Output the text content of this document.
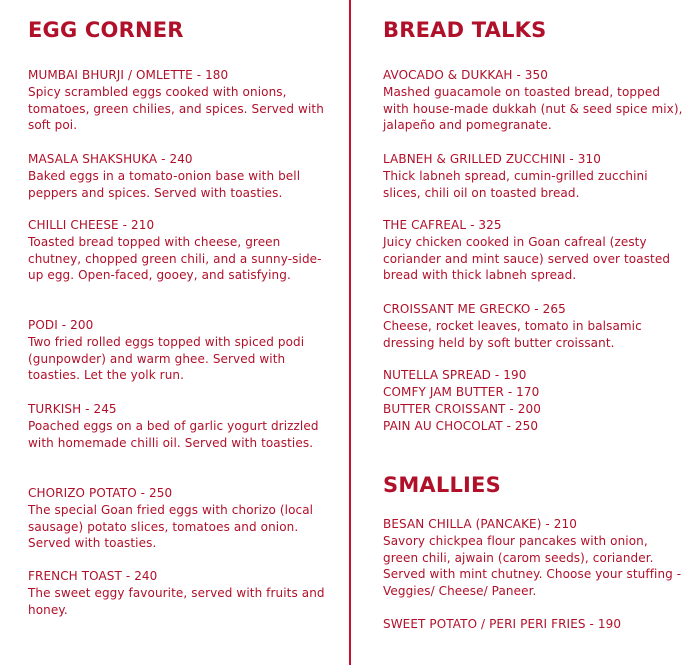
EGG CORNER
MUMBAI BHURJI / OMLETTE - 180
Spicy scrambled eggs cooked with onions, tomatoes, green chilies, and spices. Served with soft poi.
MASALA SHAKSHUKA - 240
Baked eggs in a tomato-onion base with bell peppers and spices. Served with toasties.
CHILLI CHEESE - 210
Toasted bread topped with cheese, green chutney, chopped green chili, and a sunny-side-up egg. Open-faced, gooey, and satisfying.
PODI - 200
Two fried rolled eggs topped with spiced podi (gunpowder) and warm ghee. Served with toasties. Let the yolk run.
TURKISH - 245
Poached eggs on a bed of garlic yogurt drizzled with homemade chilli oil. Served with toasties.
CHORIZO POTATO - 250
The special Goan fried eggs with chorizo (local sausage) potato slices, tomatoes and onion. Served with toasties.
FRENCH TOAST - 240
The sweet eggy favourite, served with fruits and honey.
BREAD TALKS
AVOCADO & DUKKAH - 350
Mashed guacamole on toasted bread, topped with house-made dukkah (nut & seed spice mix), jalapeño and pomegranate.
LABNEH & GRILLED ZUCCHINI - 310
Thick labneh spread, cumin-grilled zucchini slices, chili oil on toasted bread.
THE CAFREAL - 325
Juicy chicken cooked in Goan cafreal (zesty coriander and mint sauce) served over toasted bread with thick labneh spread.
CROISSANT ME GRECKO - 265
Cheese, rocket leaves, tomato in balsamic dressing held by soft butter croissant.
NUTELLA SPREAD - 190
COMFY JAM BUTTER - 170
BUTTER CROISSANT - 200
PAIN AU CHOCOLAT - 250
SMALLIES
BESAN CHILLA (PANCAKE) - 210
Savory chickpea flour pancakes with onion, green chili, ajwain (carom seeds), coriander. Served with mint chutney. Choose your stuffing - Veggies/ Cheese/ Paneer.
SWEET POTATO / PERI PERI FRIES - 190
